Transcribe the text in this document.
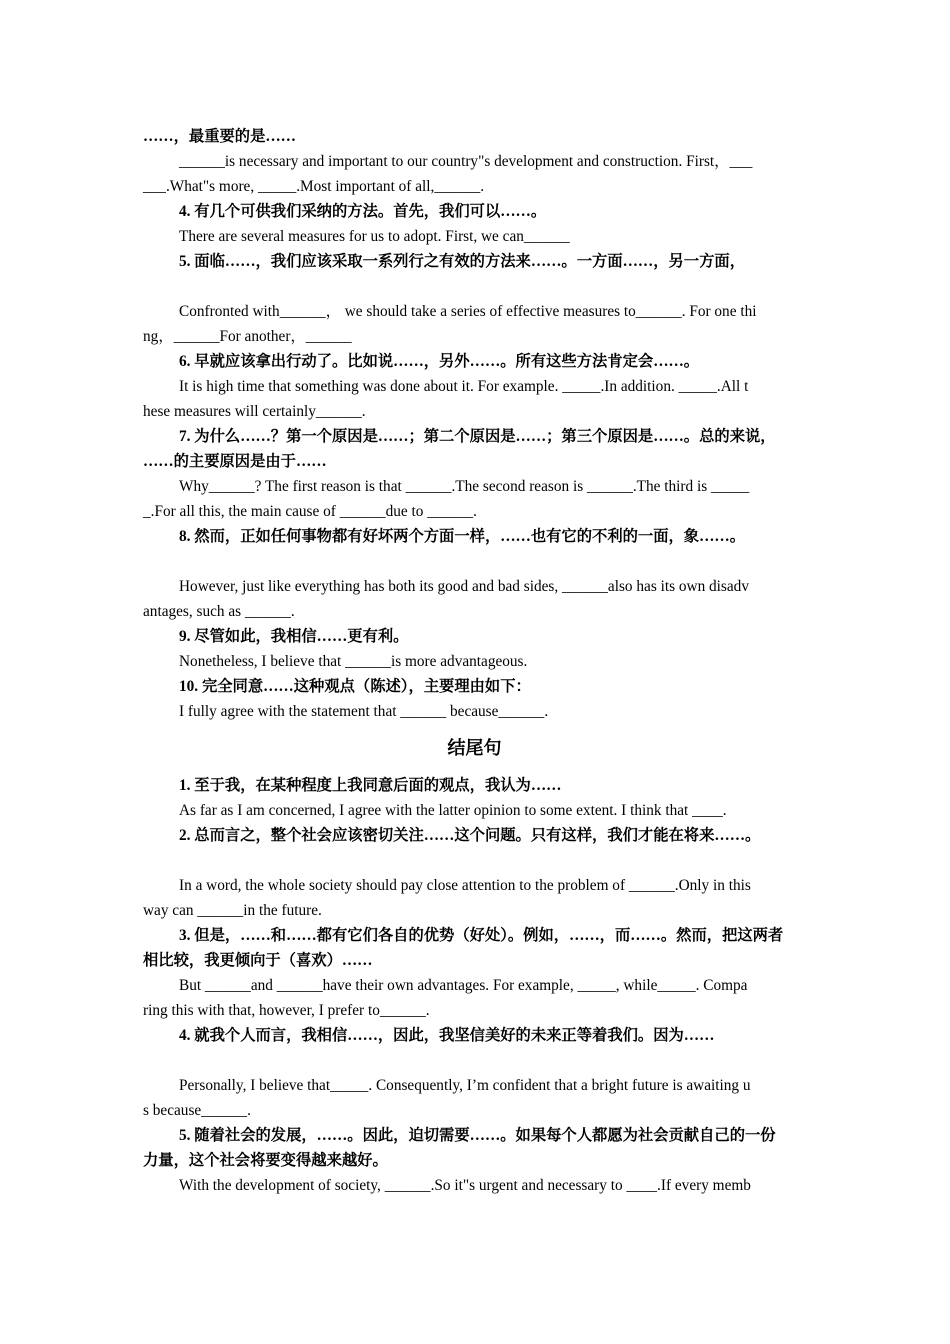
……，最重要的是……
______is necessary and important to our country"s development and construction. First，___
___.What"s more, _____.Most important of all,______.
4. 有几个可供我们采纳的方法。首先，我们可以……。
There are several measures for us to adopt. First, we can______
5. 面临……，我们应该采取一系列行之有效的方法来……。一方面……，另一方面，
Confronted with______， we should take a series of effective measures to______. For one thi
ng，______For another，______
6. 早就应该拿出行动了。比如说……，另外……。所有这些方法肯定会……。
It is high time that something was done about it. For example. _____.In addition. _____.All t
hese measures will certainly______.
7. 为什么……？第一个原因是……；第二个原因是……；第三个原因是……。总的来说，
……的主要原因是由于……
Why______? The first reason is that ______.The second reason is ______.The third is _____
_.For all this, the main cause of ______due to ______.
8. 然而，正如任何事物都有好坏两个方面一样，……也有它的不利的一面，象……。
However, just like everything has both its good and bad sides, ______also has its own disadv
antages, such as ______.
9. 尽管如此，我相信……更有利。
Nonetheless, I believe that ______is more advantageous.
10. 完全同意……这种观点（陈述），主要理由如下：
I fully agree with the statement that ______ because______.
结尾句
1. 至于我，在某种程度上我同意后面的观点，我认为……
As far as I am concerned, I agree with the latter opinion to some extent. I think that ____.
2. 总而言之，整个社会应该密切关注……这个问题。只有这样，我们才能在将来……。
In a word, the whole society should pay close attention to the problem of ______.Only in this
way can ______in the future.
3. 但是，……和……都有它们各自的优势（好处）。例如，……，而……。然而，把这两者
相比较，我更倾向于（喜欢）……
But ______and ______have their own advantages. For example, _____, while_____. Compa
ring this with that, however, I prefer to______.
4. 就我个人而言，我相信……，因此，我坚信美好的未来正等着我们。因为……
Personally, I believe that_____. Consequently, I’m confident that a bright future is awaiting u
s because______.
5. 随着社会的发展，……。因此，迫切需要……。如果每个人都愿为社会贡献自己的一份
力量，这个社会将要变得越来越好。
With the development of society, ______.So it"s urgent and necessary to ____.If every memb
